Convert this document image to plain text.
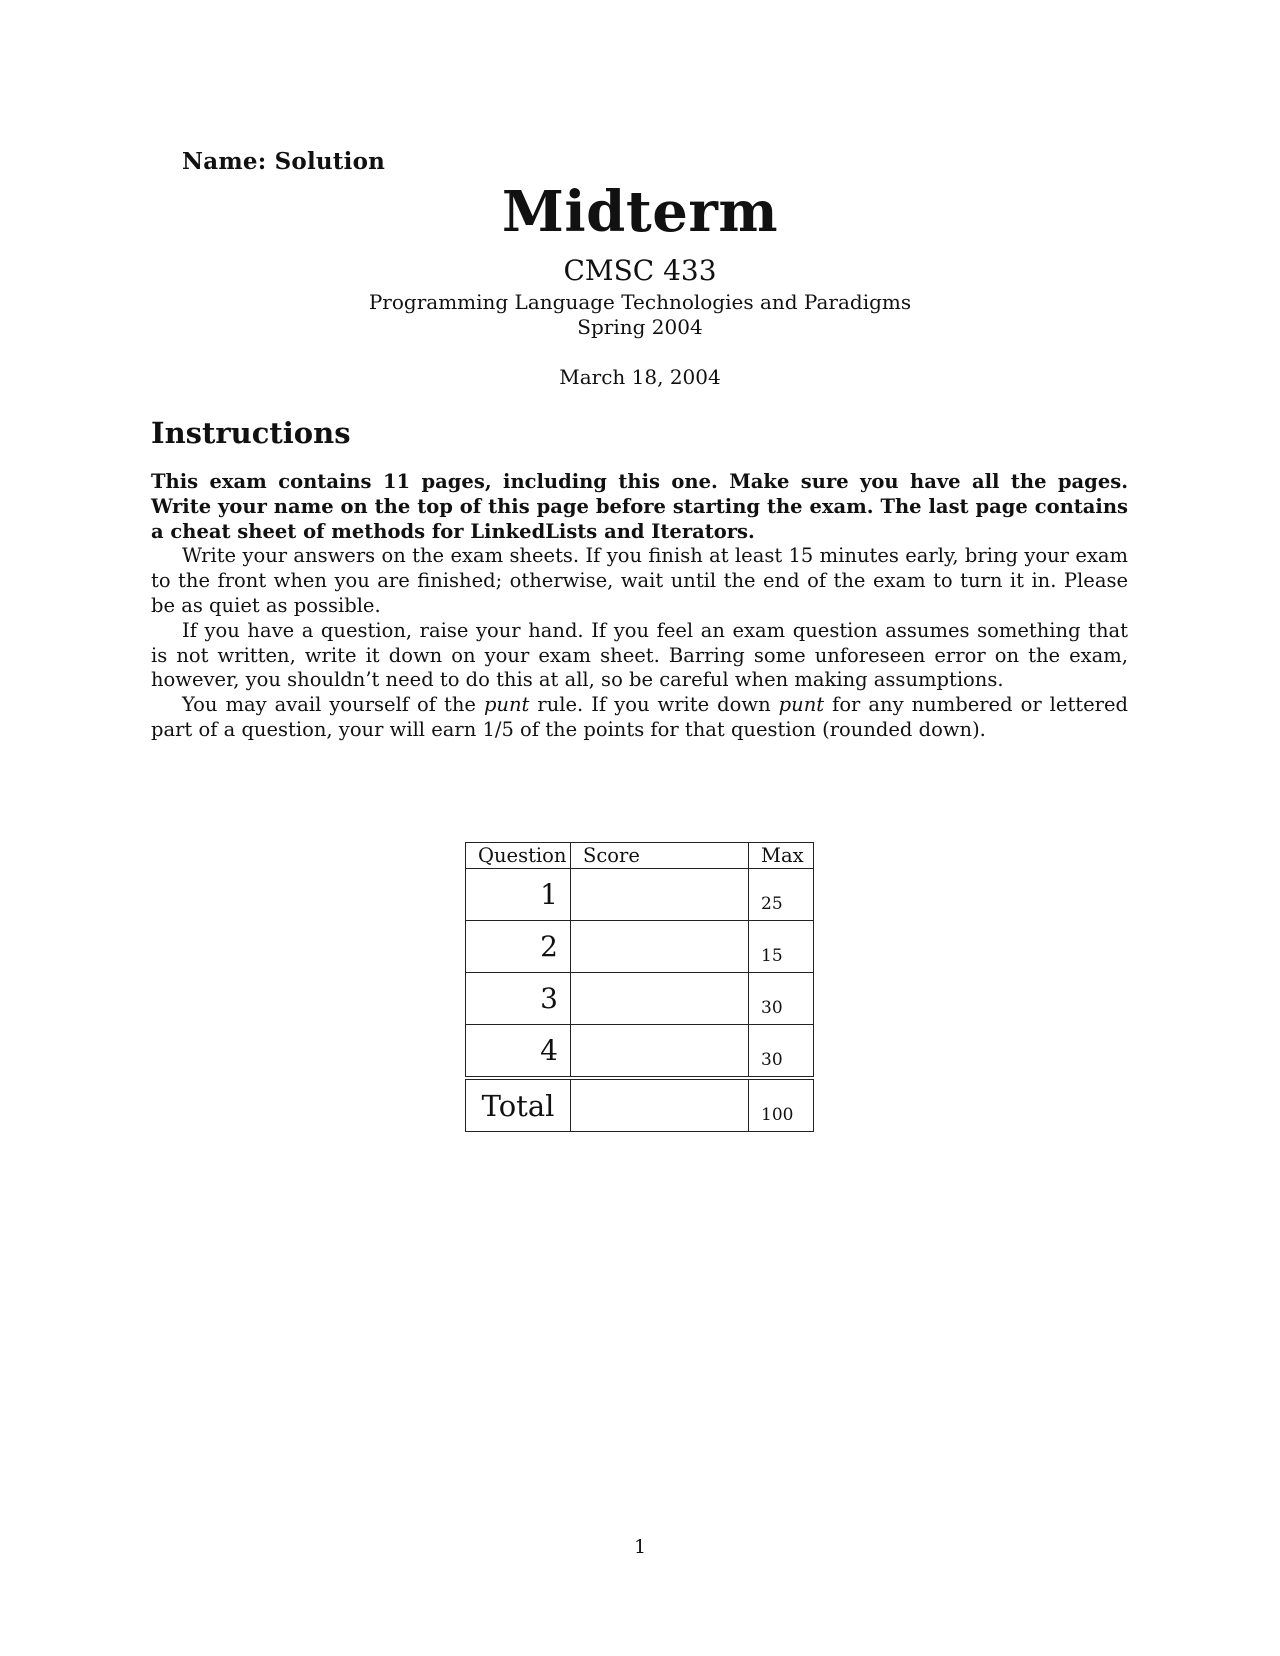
Name: Solution
Midterm
CMSC 433
Programming Language Technologies and Paradigms
Spring 2004
March 18, 2004
Instructions

This exam contains 11 pages, including this one. Make sure you have all the pages. Write your name on the top of this page before starting the exam. The last page contains a cheat sheet of methods for LinkedLists and Iterators.

Write your answers on the exam sheets. If you finish at least 15 minutes early, bring your exam to the front when you are finished; otherwise, wait until the end of the exam to turn it in. Please be as quiet as possible.

If you have a question, raise your hand. If you feel an exam question assumes something that is not written, write it down on your exam sheet. Barring some unforeseen error on the exam, however, you shouldn’t need to do this at all, so be careful when making assumptions.

You may avail yourself of the punt rule. If you write down punt for any numbered or lettered part of a question, your will earn 1/5 of the points for that question (rounded down).

Question	Score	Max
1		25
2		15
3		30
4		30

Total		100
1
